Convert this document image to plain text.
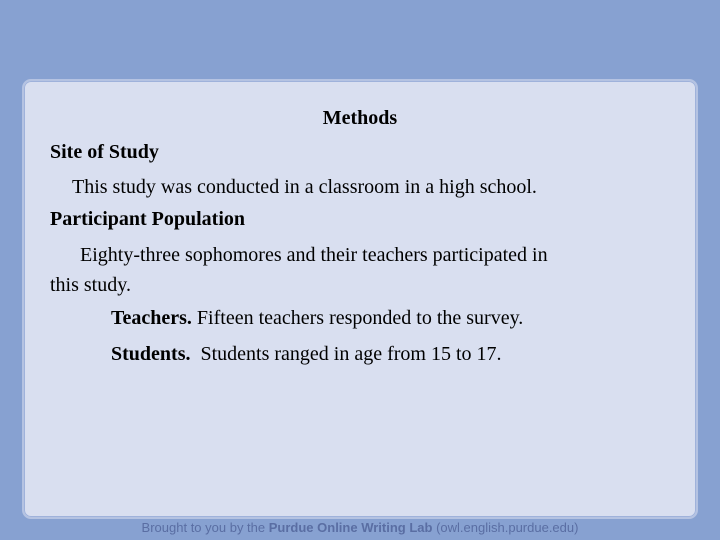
Methods
Site of Study
This study was conducted in a classroom in a high school.
Participant Population
Eighty-three sophomores and their teachers participated in
this study.
Teachers. Fifteen teachers responded to the survey.
Students.  Students ranged in age from 15 to 17.
Brought to you by the Purdue Online Writing Lab (owl.english.purdue.edu)
